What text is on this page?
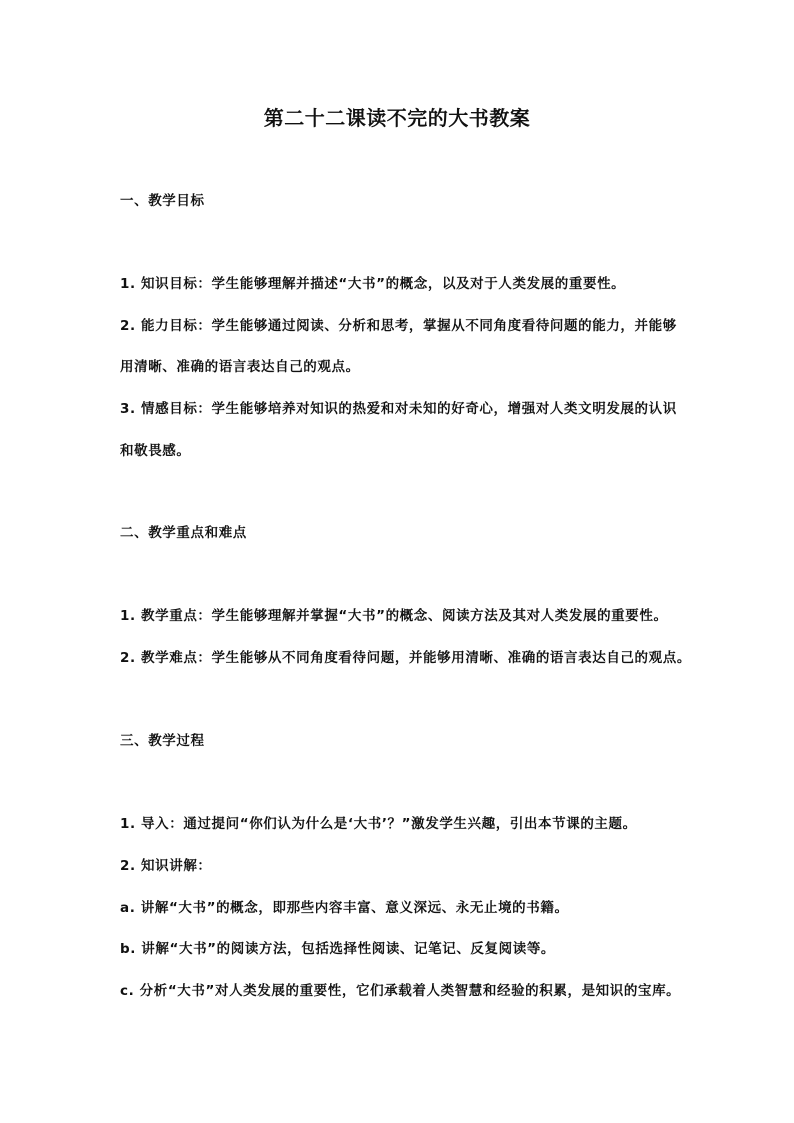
第二十二课读不完的大书教案
一、教学目标
1. 知识目标：学生能够理解并描述“大书”的概念，以及对于人类发展的重要性。
2. 能力目标：学生能够通过阅读、分析和思考，掌握从不同角度看待问题的能力，并能够
用清晰、准确的语言表达自己的观点。
3. 情感目标：学生能够培养对知识的热爱和对未知的好奇心，增强对人类文明发展的认识
和敬畏感。
二、教学重点和难点
1. 教学重点：学生能够理解并掌握“大书”的概念、阅读方法及其对人类发展的重要性。
2. 教学难点：学生能够从不同角度看待问题，并能够用清晰、准确的语言表达自己的观点。
三、教学过程
1. 导入：通过提问“你们认为什么是‘大书’？”激发学生兴趣，引出本节课的主题。
2. 知识讲解：
a. 讲解“大书”的概念，即那些内容丰富、意义深远、永无止境的书籍。
b. 讲解“大书”的阅读方法，包括选择性阅读、记笔记、反复阅读等。
c. 分析“大书”对人类发展的重要性，它们承载着人类智慧和经验的积累，是知识的宝库。
